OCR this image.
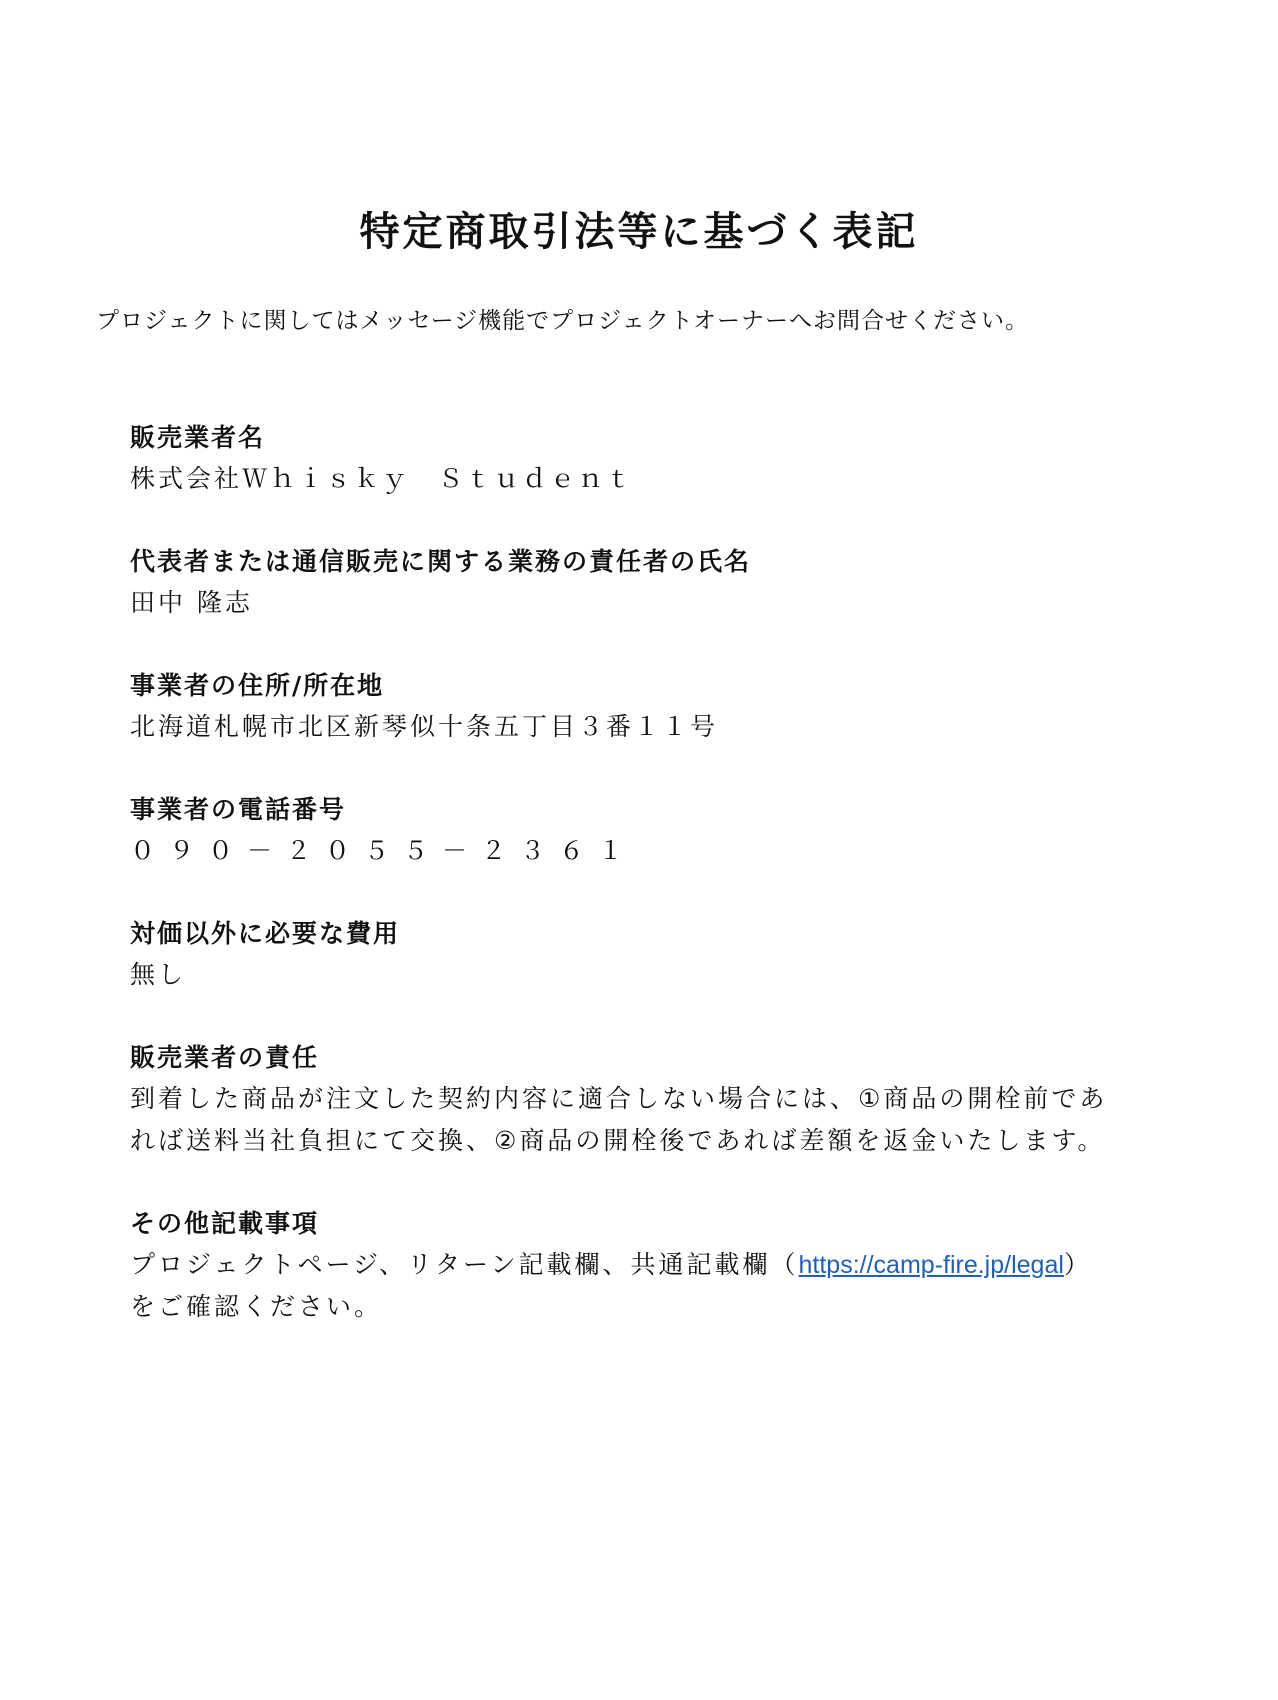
特定商取引法等に基づく表記

プロジェクトに関してはメッセージ機能でプロジェクトオーナーへお問合せください。

販売業者名

株式会社Ｗｈｉｓｋｙ　Ｓｔｕｄｅｎｔ

代表者または通信販売に関する業務の責任者の氏名

田中 隆志

事業者の住所/所在地

北海道札幌市北区新琴似十条五丁目３番１１号

事業者の電話番号

０９０－２０５５－２３６１

対価以外に必要な費用

無し

販売業者の責任

到着した商品が注文した契約内容に適合しない場合には、①商品の開栓前であ

れば送料当社負担にて交換、②商品の開栓後であれば差額を返金いたします。

その他記載事項

プロジェクトページ、リターン記載欄、共通記載欄（https://camp-fire.jp/legal）

をご確認ください。
